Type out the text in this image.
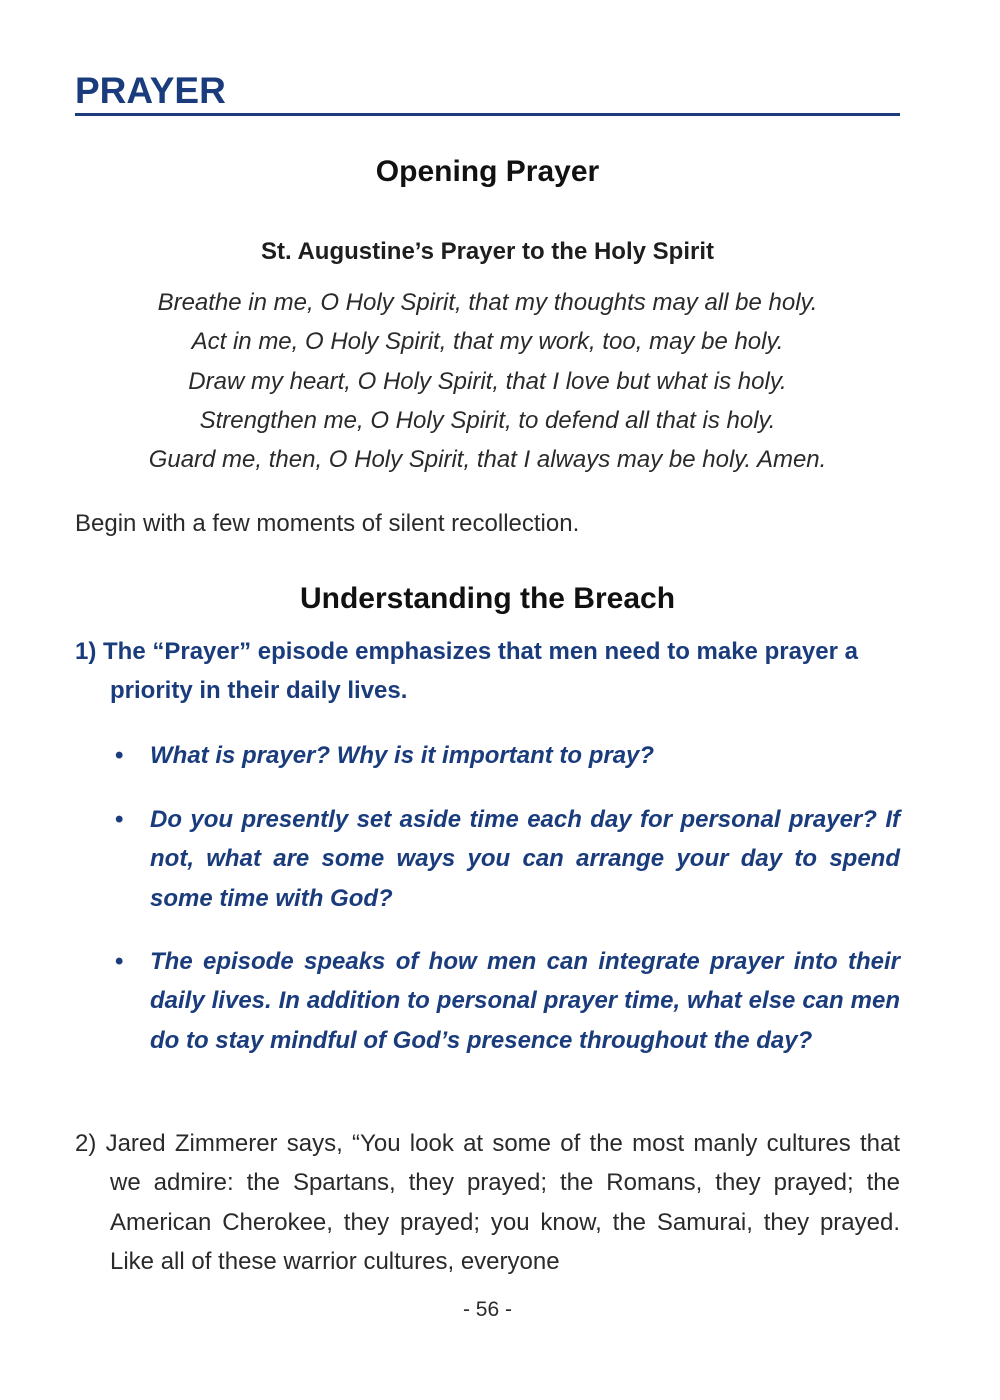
PRAYER
Opening Prayer
St. Augustine’s Prayer to the Holy Spirit
Breathe in me, O Holy Spirit, that my thoughts may all be holy.
Act in me, O Holy Spirit, that my work, too, may be holy.
Draw my heart, O Holy Spirit, that I love but what is holy.
Strengthen me, O Holy Spirit, to defend all that is holy.
Guard me, then, O Holy Spirit, that I always may be holy. Amen.

Begin with a few moments of silent recollection.

Understanding the Breach

1) The “Prayer” episode emphasizes that men need to make prayer a priority in their daily lives.

• What is prayer? Why is it important to pray?

• Do you presently set aside time each day for personal prayer? If not, what are some ways you can arrange your day to spend some time with God?

• The episode speaks of how men can integrate prayer into their daily lives. In addition to personal prayer time, what else can men do to stay mindful of God’s presence throughout the day?

2) Jared Zimmerer says, “You look at some of the most manly cultures that we admire: the Spartans, they prayed; the Romans, they prayed; the American Cherokee, they prayed; you know, the Samurai, they prayed. Like all of these warrior cultures, everyone

- 56 -
